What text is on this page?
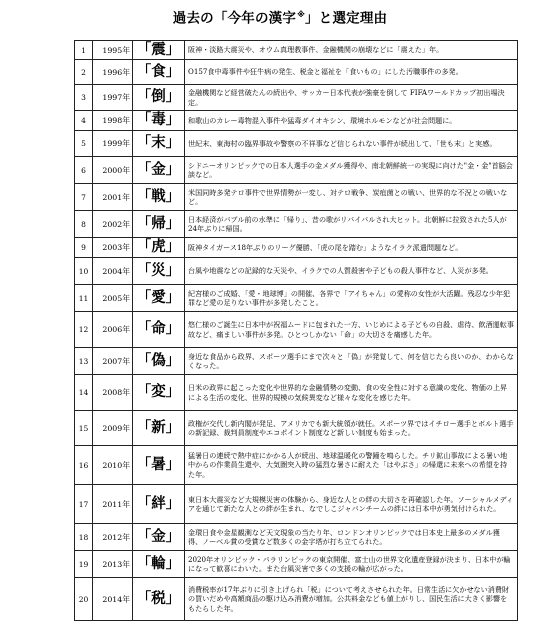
過去の「今年の漢字※」と選定理由
1	1995年	「震」	阪神・淡路大震災や、オウム真理教事件、金融機関の崩壊などに「震えた」年。
2	1996年	「食」	O157食中毒事件や狂牛病の発生、税金と福祉を「食いもの」にした汚職事件の多発。
3	1997年	「倒」	金融機関など経営破たんの続出や、サッカー日本代表が強豪を倒して FIFAワールドカップ初出場決定。
4	1998年	「毒」	和歌山のカレー毒物混入事件や猛毒ダイオキシン、環境ホルモンなどが社会問題に。
5	1999年	「末」	世紀末、東海村の臨界事故や警察の不祥事など信じられない事件が続出して、「世も末」と実感。
6	2000年	「金」	シドニーオリンピックでの日本人選手の金メダル獲得や、南北朝鮮統一の実現に向けた"金・金"首脳会談など。
7	2001年	「戦」	米国同時多発テロ事件で世界情勢が一変し、対テロ戦争、炭疽菌との戦い、世界的な不況との戦いなど。
8	2002年	「帰」	日本経済がバブル前の水準に「帰り」、昔の歌がリバイバルされ大ヒット。北朝鮮に拉致された5人が24年ぶりに帰国。
9	2003年	「虎」	阪神タイガース18年ぶりのリーグ優勝、「虎の尾を踏む」ようなイラク派遣問題など。
10	2004年	「災」	台風や地震などの記録的な天災や、イラクでの人質殺害や子どもの殺人事件など、人災が多発。
11	2005年	「愛」	紀宮様のご成婚、「愛・地球博」の開催、各界で「アイちゃん」の愛称の女性が大活躍。残忍な少年犯罪など愛の足りない事件が多発したこと。
12	2006年	「命」	悠仁様のご誕生に日本中が祝福ムードに包まれた一方、いじめによる子どもの自殺、虐待、飲酒運転事故など、痛ましい事件が多発。ひとつしかない「命」の大切さを痛感した年。
13	2007年	「偽」	身近な食品から政界、スポーツ選手にまで次々と「偽」が発覚して、何を信じたら良いのか、わからなくなった。
14	2008年	「変」	日米の政界に起こった変化や世界的な金融情勢の変動、食の安全性に対する意識の変化、物価の上昇による生活の変化、世界的規模の気候異変など様々な変化を感じた年。
15	2009年	「新」	政権が交代し新内閣が発足、アメリカでも新大統領が就任。スポーツ界ではイチロー選手とボルト選手の新記録、裁判員制度やエコポイント制度など新しい制度も始まった。
16	2010年	「暑」	猛暑日の連続で熱中症にかかる人が続出、地球温暖化の警鐘を鳴らした。チリ鉱山事故による暑い地中からの作業員生還や、大気圏突入時の猛烈な暑さに耐えた「はやぶさ」の帰還に未来への希望を持た年。
17	2011年	「絆」	東日本大震災など大規模災害の体験から、身近な人との絆の大切さを再確認した年。ソーシャルメディアを通じて新たな人との絆が生まれ、なでしこジャパンチームの絆には日本中が勇気付けられた。
18	2012年	「金」	金環日食や金星観測など天文現象の当たり年、ロンドンオリンピックでは日本史上最多のメダル獲得、ノーベル賞の受賞など数多くの金字塔が打ち立てられた。
19	2013年	「輪」	2020年オリンピック・パラリンピックの東京開催、富士山の世界文化遺産登録が決まり、日本中が輪になって歓喜にわいた。また台風災害で多くの支援の輪が広がった。
20	2014年	「税」	消費税率が17年ぶりに引き上げられ「税」について考えさせられた年。日常生活に欠かせない消費財の買いだめや高額商品の駆け込み消費が増加。公共料金なども値上がりし、国民生活に大きく影響をもたらした年。
